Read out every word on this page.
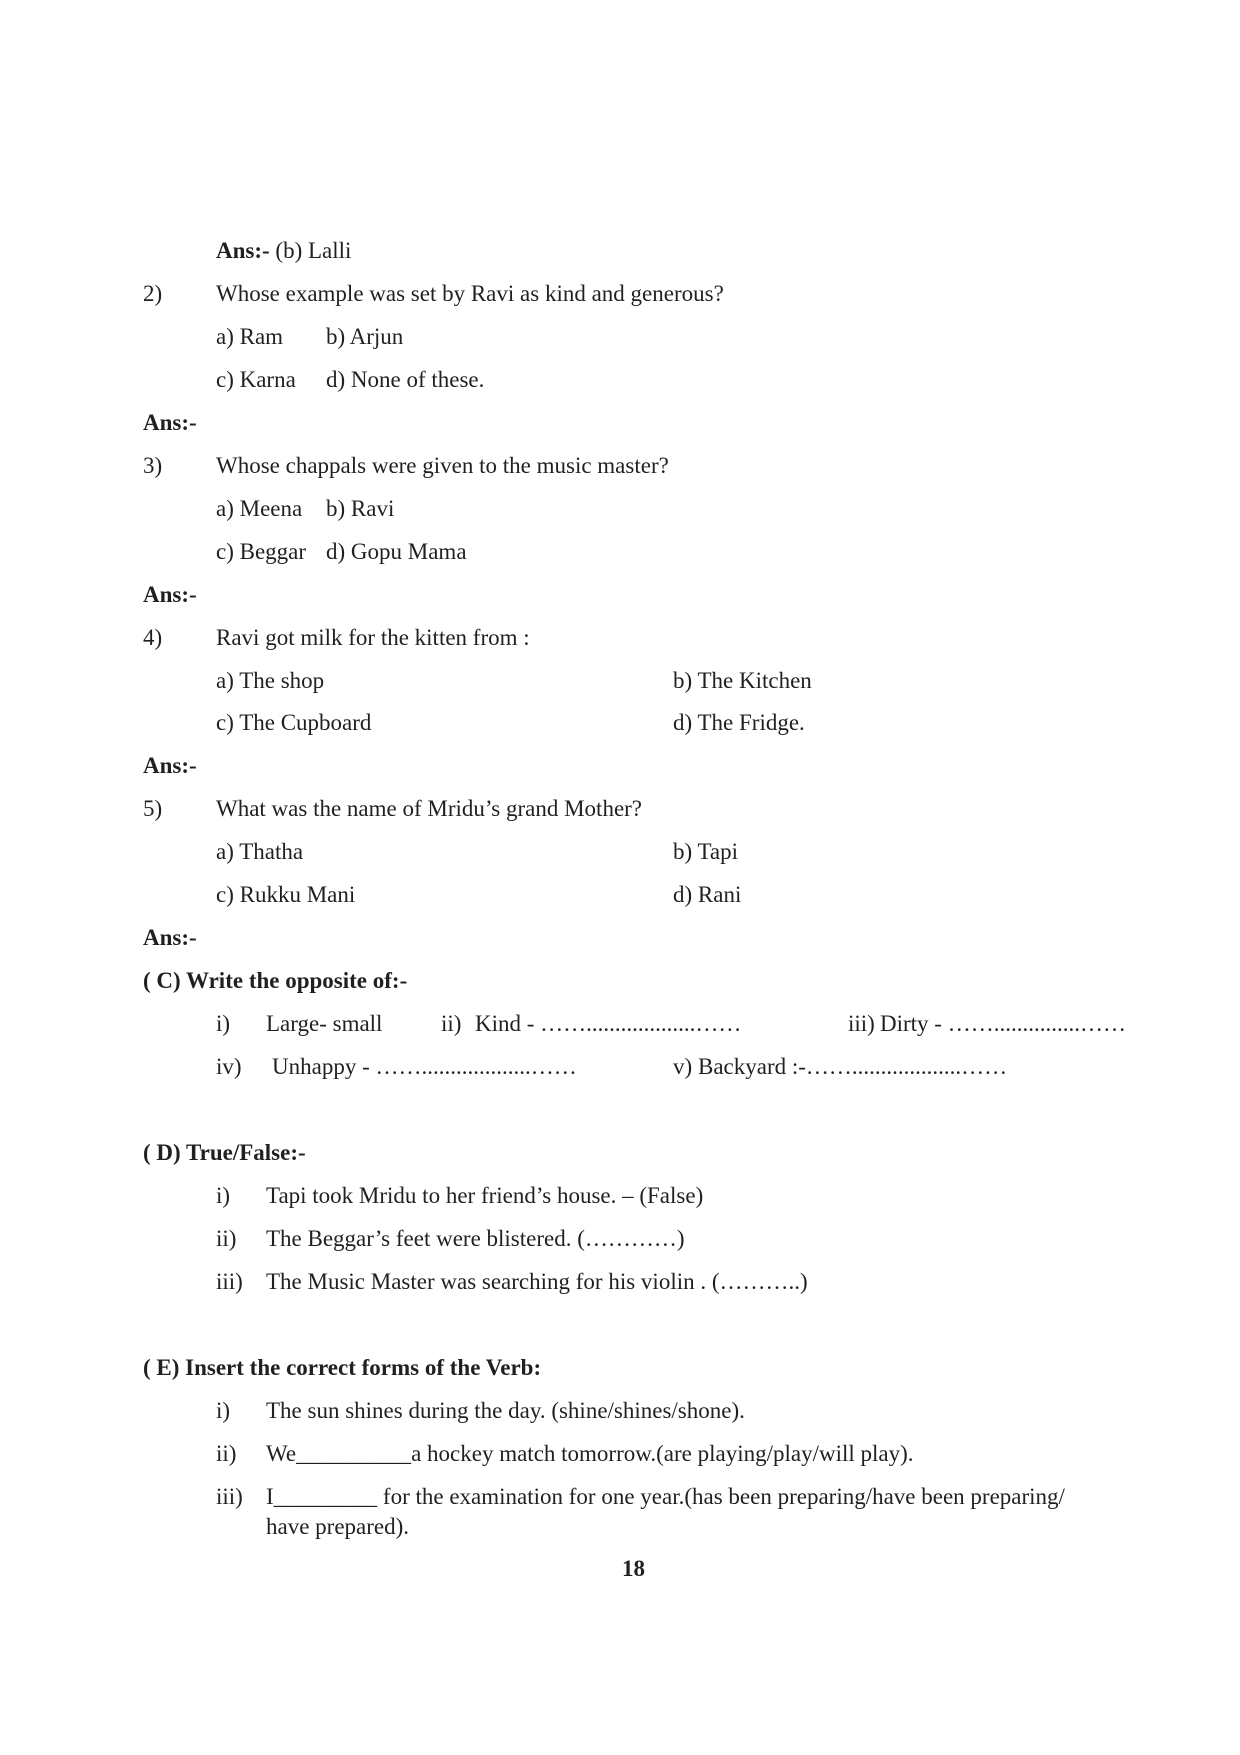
Ans:- (b) Lalli
2) Whose example was set by Ravi as kind and generous?
a) Ram b) Arjun
c) Karna d) None of these.
Ans:-
3) Whose chappals were given to the music master?
a) Meena b) Ravi
c) Beggar d) Gopu Mama
Ans:-
4) Ravi got milk for the kitten from :
a) The shop	b) The Kitchen
c) The Cupboard	d) The Fridge.
Ans:-
5) What was the name of Mridu’s grand Mother?
a) Thatha	b) Tapi
c) Rukku Mani	d) Rani
Ans:-
( C) Write the opposite of:-
i) Large- small	ii) Kind - ……...................……	iii) Dirty - ……...............……
iv) Unhappy - ……...................……	v) Backyard :-……...................……
( D) True/False:-
i) Tapi took Mridu to her friend’s house. – (False)
ii) The Beggar’s feet were blistered. (…………)
iii) The Music Master was searching for his violin . (………..)
( E) Insert the correct forms of the Verb:
i) The sun shines during the day. (shine/shines/shone).
ii) We__________a hockey match tomorrow.(are playing/play/will play).
iii) I_________ for the examination for one year.(has been preparing/have been preparing/
have prepared).
18
